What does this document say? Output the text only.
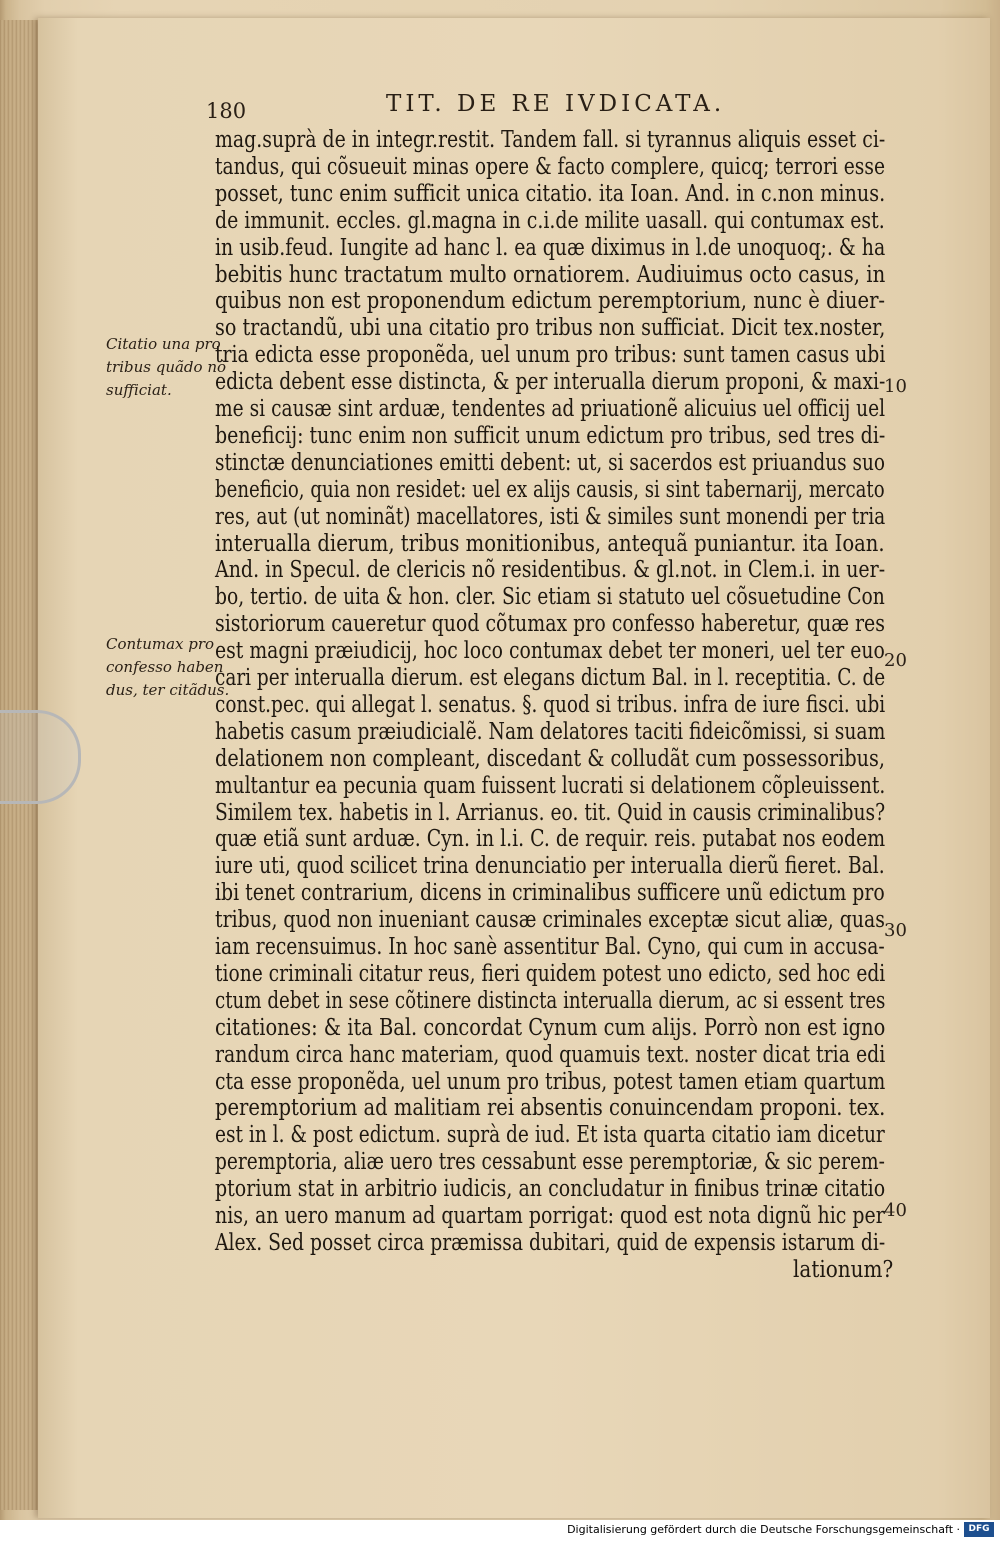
180	TIT. DE RE IVDICATA.
mag.suprà de in integr.restit. Tandem fall. si tyrannus aliquis esset ci-
tandus, qui cõsueuit minas opere & facto complere, quicq; terrori esse
posset, tunc enim sufficit unica citatio. ita Ioan. And. in c.non minus.
de immunit. eccles. gl.magna in c.i.de milite uasall. qui contumax est.
in usib.feud. Iungite ad hanc l. ea quæ diximus in l.de unoquoq;. & ha
bebitis hunc tractatum multo ornatiorem. Audiuimus octo casus, in
quibus non est proponendum edictum peremptorium, nunc è diuer-
so tractandũ, ubi una citatio pro tribus non sufficiat. Dicit tex.noster,
tria edicta esse proponẽda, uel unum pro tribus: sunt tamen casus ubi
edicta debent esse distincta, & per interualla dierum proponi, & maxi-
me si causæ sint arduæ, tendentes ad priuationẽ alicuius uel officij uel
beneficij: tunc enim non sufficit unum edictum pro tribus, sed tres di-
stinctæ denunciationes emitti debent: ut, si sacerdos est priuandus suo
beneficio, quia non residet: uel ex alijs causis, si sint tabernarij, mercato
res, aut (ut nominãt) macellatores, isti & similes sunt monendi per tria
interualla dierum, tribus monitionibus, antequã puniantur. ita Ioan.
And. in Specul. de clericis nõ residentibus. & gl.not. in Clem.i. in uer-
bo, tertio. de uita & hon. cler. Sic etiam si statuto uel cõsuetudine Con
sistoriorum caueretur quod cõtumax pro confesso haberetur, quæ res
est magni præiudicij, hoc loco contumax debet ter moneri, uel ter euo
cari per interualla dierum. est elegans dictum Bal. in l. receptitia. C. de
const.pec. qui allegat l. senatus. §. quod si tribus. infra de iure fisci. ubi
habetis casum præiudicialẽ. Nam delatores taciti fideicõmissi, si suam
delationem non compleant, discedant & colludãt cum possessoribus,
multantur ea pecunia quam fuissent lucrati si delationem cõpleuissent.
Similem tex. habetis in l. Arrianus. eo. tit. Quid in causis criminalibus?
quæ etiã sunt arduæ. Cyn. in l.i. C. de requir. reis. putabat nos eodem
iure uti, quod scilicet trina denunciatio per interualla dierũ fieret. Bal.
ibi tenet contrarium, dicens in criminalibus sufficere unũ edictum pro
tribus, quod non inueniant causæ criminales exceptæ sicut aliæ, quas
iam recensuimus. In hoc sanè assentitur Bal. Cyno, qui cum in accusa-
tione criminali citatur reus, fieri quidem potest uno edicto, sed hoc edi
ctum debet in sese cõtinere distincta interualla dierum, ac si essent tres
citationes: & ita Bal. concordat Cynum cum alijs. Porrò non est igno
randum circa hanc materiam, quod quamuis text. noster dicat tria edi
cta esse proponẽda, uel unum pro tribus, potest tamen etiam quartum
peremptorium ad malitiam rei absentis conuincendam proponi. tex.
est in l. & post edictum. suprà de iud. Et ista quarta citatio iam dicetur
peremptoria, aliæ uero tres cessabunt esse peremptoriæ, & sic perem-
ptorium stat in arbitrio iudicis, an concludatur in finibus trinæ citatio
nis, an uero manum ad quartam porrigat: quod est nota dignũ hic per
Alex. Sed posset circa præmissa dubitari, quid de expensis istarum di-
lationum?
Citatio una pro
tribus quãdo nõ
sufficiat.
Contumax pro
confesso haben
dus, ter citãdus.
10
20
30
40
Digitalisierung gefördert durch die Deutsche Forschungsgemeinschaft · DFG
